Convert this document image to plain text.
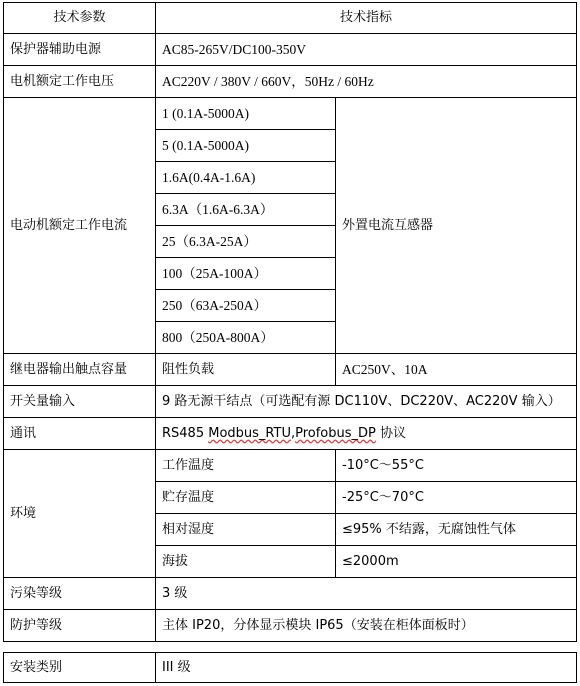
技术参数	技术指标	
保护器辅助电源	AC85-265V/DC100-350V	
电机额定工作电压	AC220V / 380V / 660V，50Hz / 60Hz	
电动机额定工作电流	1 (0.1A-5000A)	外置电流互感器
	5 (0.1A-5000A)	
	1.6A(0.4A-1.6A)	
	6.3A（1.6A-6.3A）	
	25（6.3A-25A）	
	100（25A-100A）	
	250（63A-250A）	
	800（250A-800A）	
继电器输出触点容量	阻性负载	AC250V、10A
开关量输入	9 路无源干结点（可选配有源 DC110V、DC220V、AC220V 输入）	
通讯	RS485 Modbus_RTU,Profobus_DP 协议	
环境	工作温度	-10°C～55°C
	贮存温度	-25°C～70°C
	相对湿度	≤95% 不结露，无腐蚀性气体
	海拔	≤2000m
污染等级	3 级	
防护等级	主体 IP20，分体显示模块 IP65（安装在柜体面板时）	
安装类别	III 级
